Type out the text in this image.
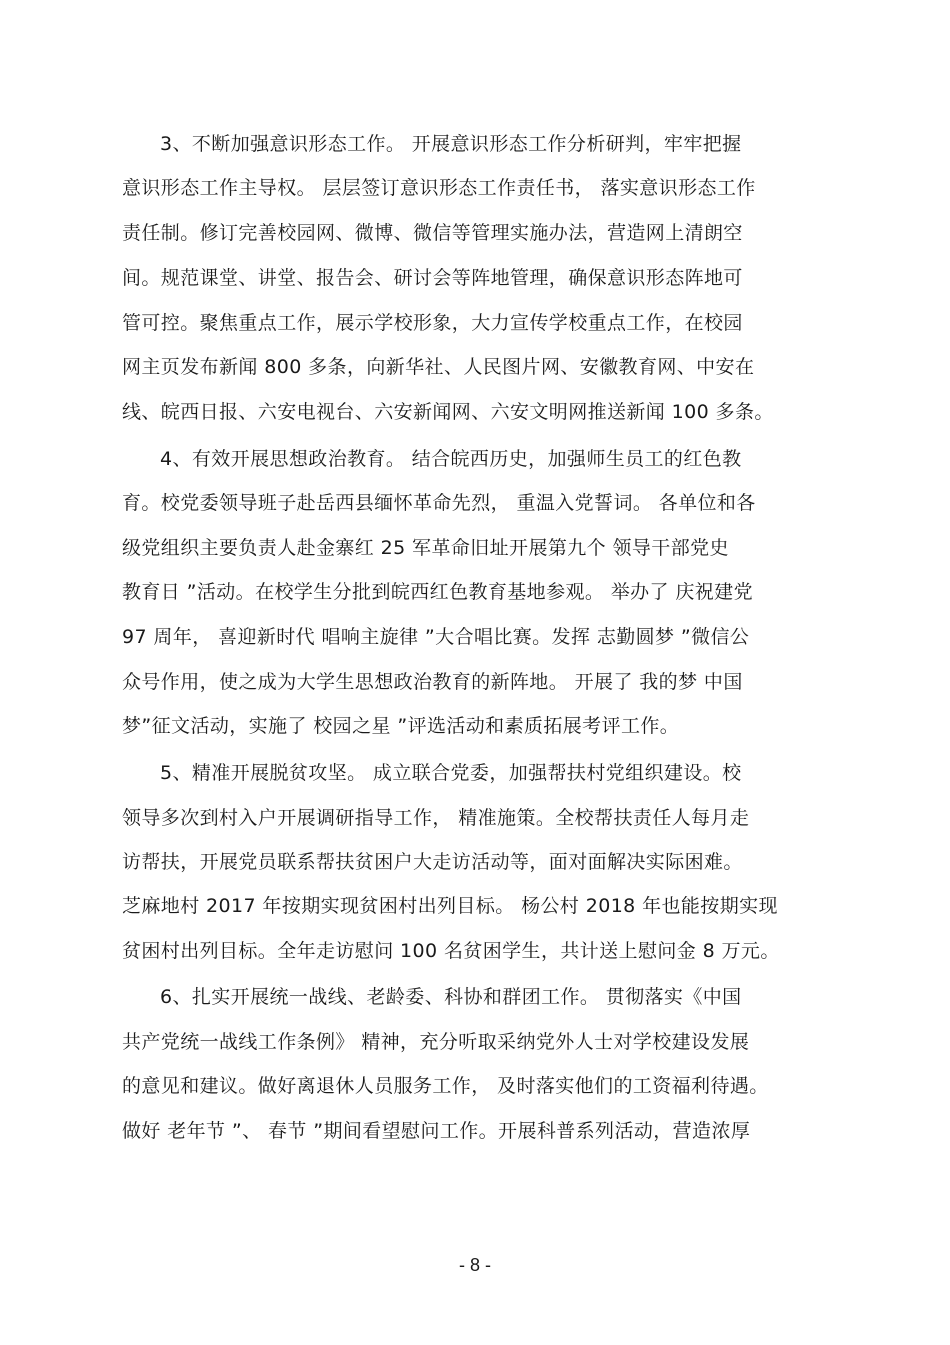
3、不断加强意识形态工作。 开展意识形态工作分析研判，牢牢把握
意识形态工作主导权。 层层签订意识形态工作责任书， 落实意识形态工作
责任制。修订完善校园网、微博、微信等管理实施办法，营造网上清朗空
间。规范课堂、讲堂、报告会、研讨会等阵地管理，确保意识形态阵地可
管可控。聚焦重点工作，展示学校形象，大力宣传学校重点工作，在校园
网主页发布新闻 800 多条，向新华社、人民图片网、安徽教育网、中安在
线、皖西日报、六安电视台、六安新闻网、六安文明网推送新闻 100 多条。
4、有效开展思想政治教育。 结合皖西历史，加强师生员工的红色教
育。校党委领导班子赴岳西县缅怀革命先烈， 重温入党誓词。 各单位和各
级党组织主要负责人赴金寨红 25 军革命旧址开展第九个 领导干部党史
教育日 ”活动。在校学生分批到皖西红色教育基地参观。 举办了 庆祝建党
97 周年， 喜迎新时代 唱响主旋律 ”大合唱比赛。发挥 志勤圆梦 ”微信公
众号作用，使之成为大学生思想政治教育的新阵地。 开展了 我的梦 中国
梦”征文活动，实施了 校园之星 ”评选活动和素质拓展考评工作。
5、精准开展脱贫攻坚。 成立联合党委，加强帮扶村党组织建设。校
领导多次到村入户开展调研指导工作， 精准施策。全校帮扶责任人每月走
访帮扶，开展党员联系帮扶贫困户大走访活动等，面对面解决实际困难。
芝麻地村 2017 年按期实现贫困村出列目标。 杨公村 2018 年也能按期实现
贫困村出列目标。全年走访慰问 100 名贫困学生，共计送上慰问金 8 万元。
6、扎实开展统一战线、老龄委、科协和群团工作。 贯彻落实《中国
共产党统一战线工作条例》 精神，充分听取采纳党外人士对学校建设发展
的意见和建议。做好离退休人员服务工作， 及时落实他们的工资福利待遇。
做好 老年节 ”、 春节 ”期间看望慰问工作。开展科普系列活动，营造浓厚
- 8 -
